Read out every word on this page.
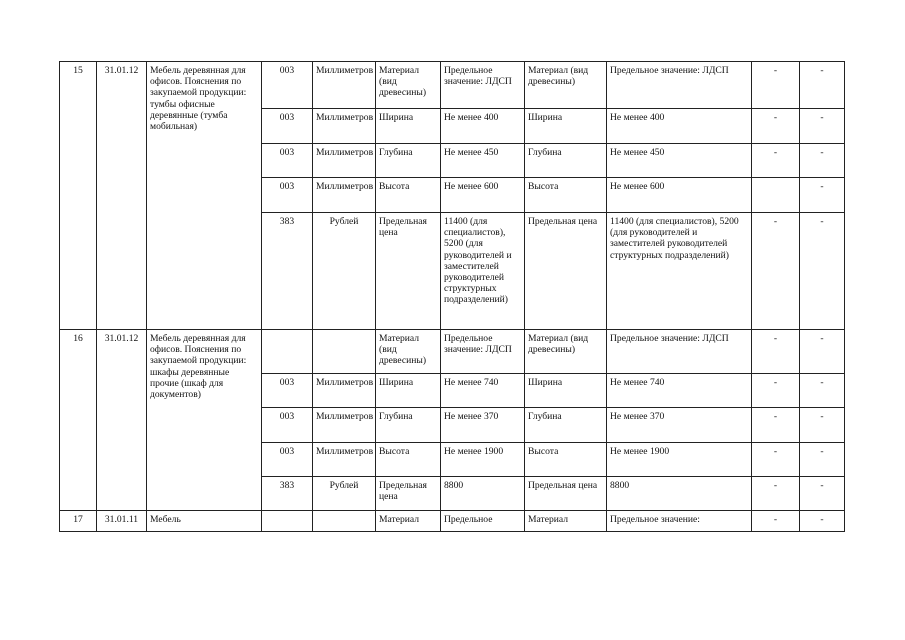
15	31.01.12	Мебель деревянная для офисов. Пояснения по закупаемой продукции: тумбы офисные деревянные (тумба мобильная)	003	Миллиметров	Материал (вид древесины)	Предельное значение: ЛДСП	Материал (вид древесины)	Предельное значение: ЛДСП	-	-
			003	Миллиметров	Ширина	Не менее 400	Ширина	Не менее 400	-	-
			003	Миллиметров	Глубина	Не менее 450	Глубина	Не менее 450	-	-
			003	Миллиметров	Высота	Не менее 600	Высота	Не менее 600		-
			383	Рублей	Предельная цена	11400 (для специалистов), 5200 (для руководителей и заместителей руководителей структурных подразделений)	Предельная цена	11400 (для специалистов), 5200 (для руководителей и заместителей руководителей структурных подразделений)	-	-
16	31.01.12	Мебель деревянная для офисов. Пояснения по закупаемой продукции: шкафы деревянные прочие (шкаф для документов)			Материал (вид древесины)	Предельное значение: ЛДСП	Материал (вид древесины)	Предельное значение: ЛДСП	-	-
			003	Миллиметров	Ширина	Не менее 740	Ширина	Не менее 740	-	-
			003	Миллиметров	Глубина	Не менее 370	Глубина	Не менее 370	-	-
			003	Миллиметров	Высота	Не менее 1900	Высота	Не менее 1900	-	-
			383	Рублей	Предельная цена	8800	Предельная цена	8800	-	-
17	31.01.11	Мебель			Материал	Предельное	Материал	Предельное значение:	-	-
